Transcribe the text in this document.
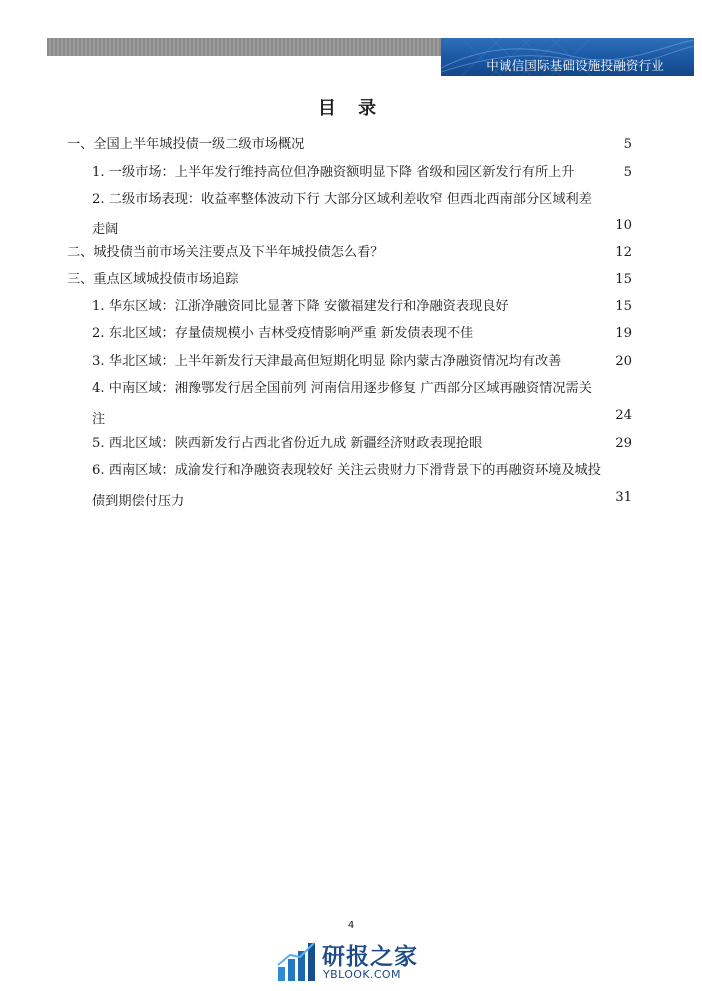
中诚信国际基础设施投融资行业
目 录
一、全国上半年城投债一级二级市场概况	5
1. 一级市场：上半年发行维持高位但净融资额明显下降 省级和园区新发行有所上升	5
2. 二级市场表现：收益率整体波动下行 大部分区域利差收窄 但西北西南部分区域利差
走阔	10
二、城投债当前市场关注要点及下半年城投债怎么看？	12
三、重点区域城投债市场追踪	15
1. 华东区域：江浙净融资同比显著下降 安徽福建发行和净融资表现良好	15
2. 东北区域：存量债规模小 吉林受疫情影响严重 新发债表现不佳	19
3. 华北区域：上半年新发行天津最高但短期化明显 除内蒙古净融资情况均有改善	20
4. 中南区域：湘豫鄂发行居全国前列 河南信用逐步修复 广西部分区域再融资情况需关
注	24
5. 西北区域：陕西新发行占西北省份近九成 新疆经济财政表现抢眼	29
6. 西南区域：成渝发行和净融资表现较好 关注云贵财力下滑背景下的再融资环境及城投
债到期偿付压力	31
4
研报之家
YBLOOK.COM
